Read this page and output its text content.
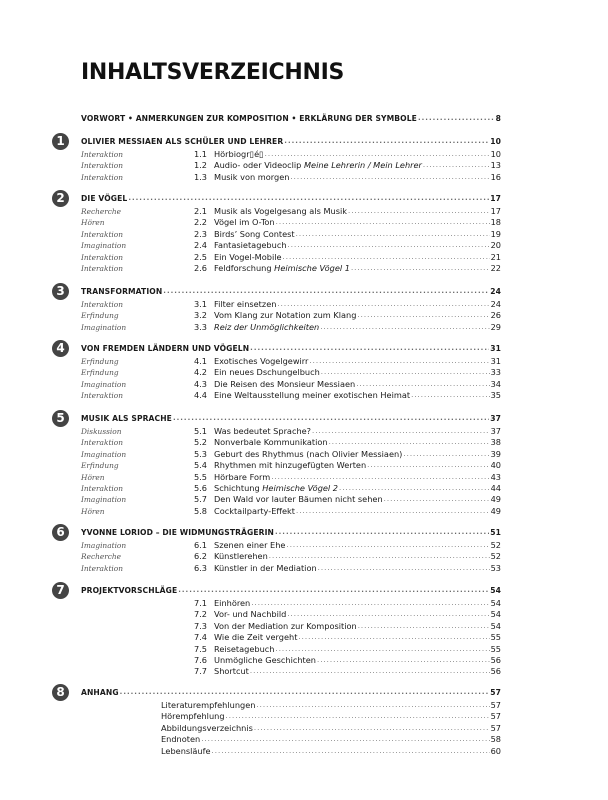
INHALTSVERZEICHNIS
VORWORT • ANMERKUNGEN ZUR KOMPOSITION • ERKLÄRUNG DER SYMBOLE .....	8
1	OLIVIER MESSIAEN ALS SCHÜLER UND LEHRER .....	10
Interaktion	1.1 Hörbiogr▯é▯ .....	10
Interaktion	1.2 Audio- oder Videoclip Meine Lehrerin / Mein Lehrer .....	13
Interaktion	1.3 Musik von morgen .....	16
2	DIE VÖGEL .....	17
Recherche	2.1 Musik als Vogelgesang als Musik .....	17
Hören	2.2 Vögel im O-Ton .....	18
Interaktion	2.3 Birds’ Song Contest .....	19
Imagination	2.4 Fantasietagebuch .....	20
Interaktion	2.5 Ein Vogel-Mobile .....	21
Interaktion	2.6 Feldforschung Heimische Vögel 1 .....	22
3	TRANSFORMATION .....	24
Interaktion	3.1 Filter einsetzen .....	24
Erfindung	3.2 Vom Klang zur Notation zum Klang .....	26
Imagination	3.3 Reiz der Unmöglichkeiten .....	29
4	VON FREMDEN LÄNDERN UND VÖGELN .....	31
Erfindung	4.1 Exotisches Vogelgewirr .....	31
Erfindung	4.2 Ein neues Dschungelbuch .....	33
Imagination	4.3 Die Reisen des Monsieur Messiaen .....	34
Interaktion	4.4 Eine Weltausstellung meiner exotischen Heimat .....	35
5	MUSIK ALS SPRACHE .....	37
Diskussion	5.1 Was bedeutet Sprache? .....	37
Interaktion	5.2 Nonverbale Kommunikation .....	38
Imagination	5.3 Geburt des Rhythmus (nach Olivier Messiaen) .....	39
Erfindung	5.4 Rhythmen mit hinzugefügten Werten .....	40
Hören	5.5 Hörbare Form .....	43
Interaktion	5.6 Schichtung Heimische Vögel 2 .....	44
Imagination	5.7 Den Wald vor lauter Bäumen nicht sehen .....	49
Hören	5.8 Cocktailparty-Effekt .....	49
6	YVONNE LORIOD – DIE WIDMUNGSTRÄGERIN .....	51
Imagination	6.1 Szenen einer Ehe .....	52
Recherche	6.2 Künstlerehen .....	52
Interaktion	6.3 Künstler in der Mediation .....	53
7	PROJEKTVORSCHLÄGE .....	54
7.1 Einhören .....	54
7.2 Vor- und Nachbild .....	54
7.3 Von der Mediation zur Komposition .....	54
7.4 Wie die Zeit vergeht .....	55
7.5 Reisetagebuch .....	55
7.6 Unmögliche Geschichten .....	56
7.7 Shortcut .....	56
8	ANHANG .....	57
Literaturempfehlungen .....	57
Hörempfehlung .....	57
Abbildungsverzeichnis .....	57
Endnoten .....	58
Lebensläufe .....	60
